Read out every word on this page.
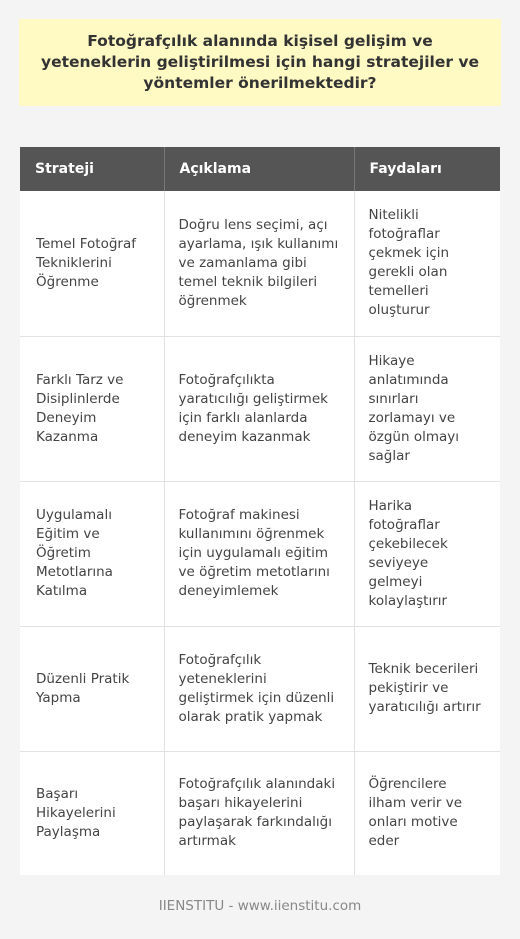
Fotoğrafçılık alanında kişisel gelişim ve yeteneklerin geliştirilmesi için hangi stratejiler ve yöntemler önerilmektedir?
Strateji	Açıklama	Faydaları
Temel Fotoğraf Tekniklerini Öğrenme	Doğru lens seçimi, açı ayarlama, ışık kullanımı ve zamanlama gibi temel teknik bilgileri öğrenmek	Nitelikli fotoğraflar çekmek için gerekli olan temelleri oluşturur
Farklı Tarz ve Disiplinlerde Deneyim Kazanma	Fotoğrafçılıkta yaratıcılığı geliştirmek için farklı alanlarda deneyim kazanmak	Hikaye anlatımında sınırları zorlamayı ve özgün olmayı sağlar
Uygulamalı Eğitim ve Öğretim Metotlarına Katılma	Fotoğraf makinesi kullanımını öğrenmek için uygulamalı eğitim ve öğretim metotlarını deneyimlemek	Harika fotoğraflar çekebilecek seviyeye gelmeyi kolaylaştırır
Düzenli Pratik Yapma	Fotoğrafçılık yeteneklerini geliştirmek için düzenli olarak pratik yapmak	Teknik becerileri pekiştirir ve yaratıcılığı artırır
Başarı Hikayelerini Paylaşma	Fotoğrafçılık alanındaki başarı hikayelerini paylaşarak farkındalığı artırmak	Öğrencilere ilham verir ve onları motive eder
IIENSTITU - www.iienstitu.com
